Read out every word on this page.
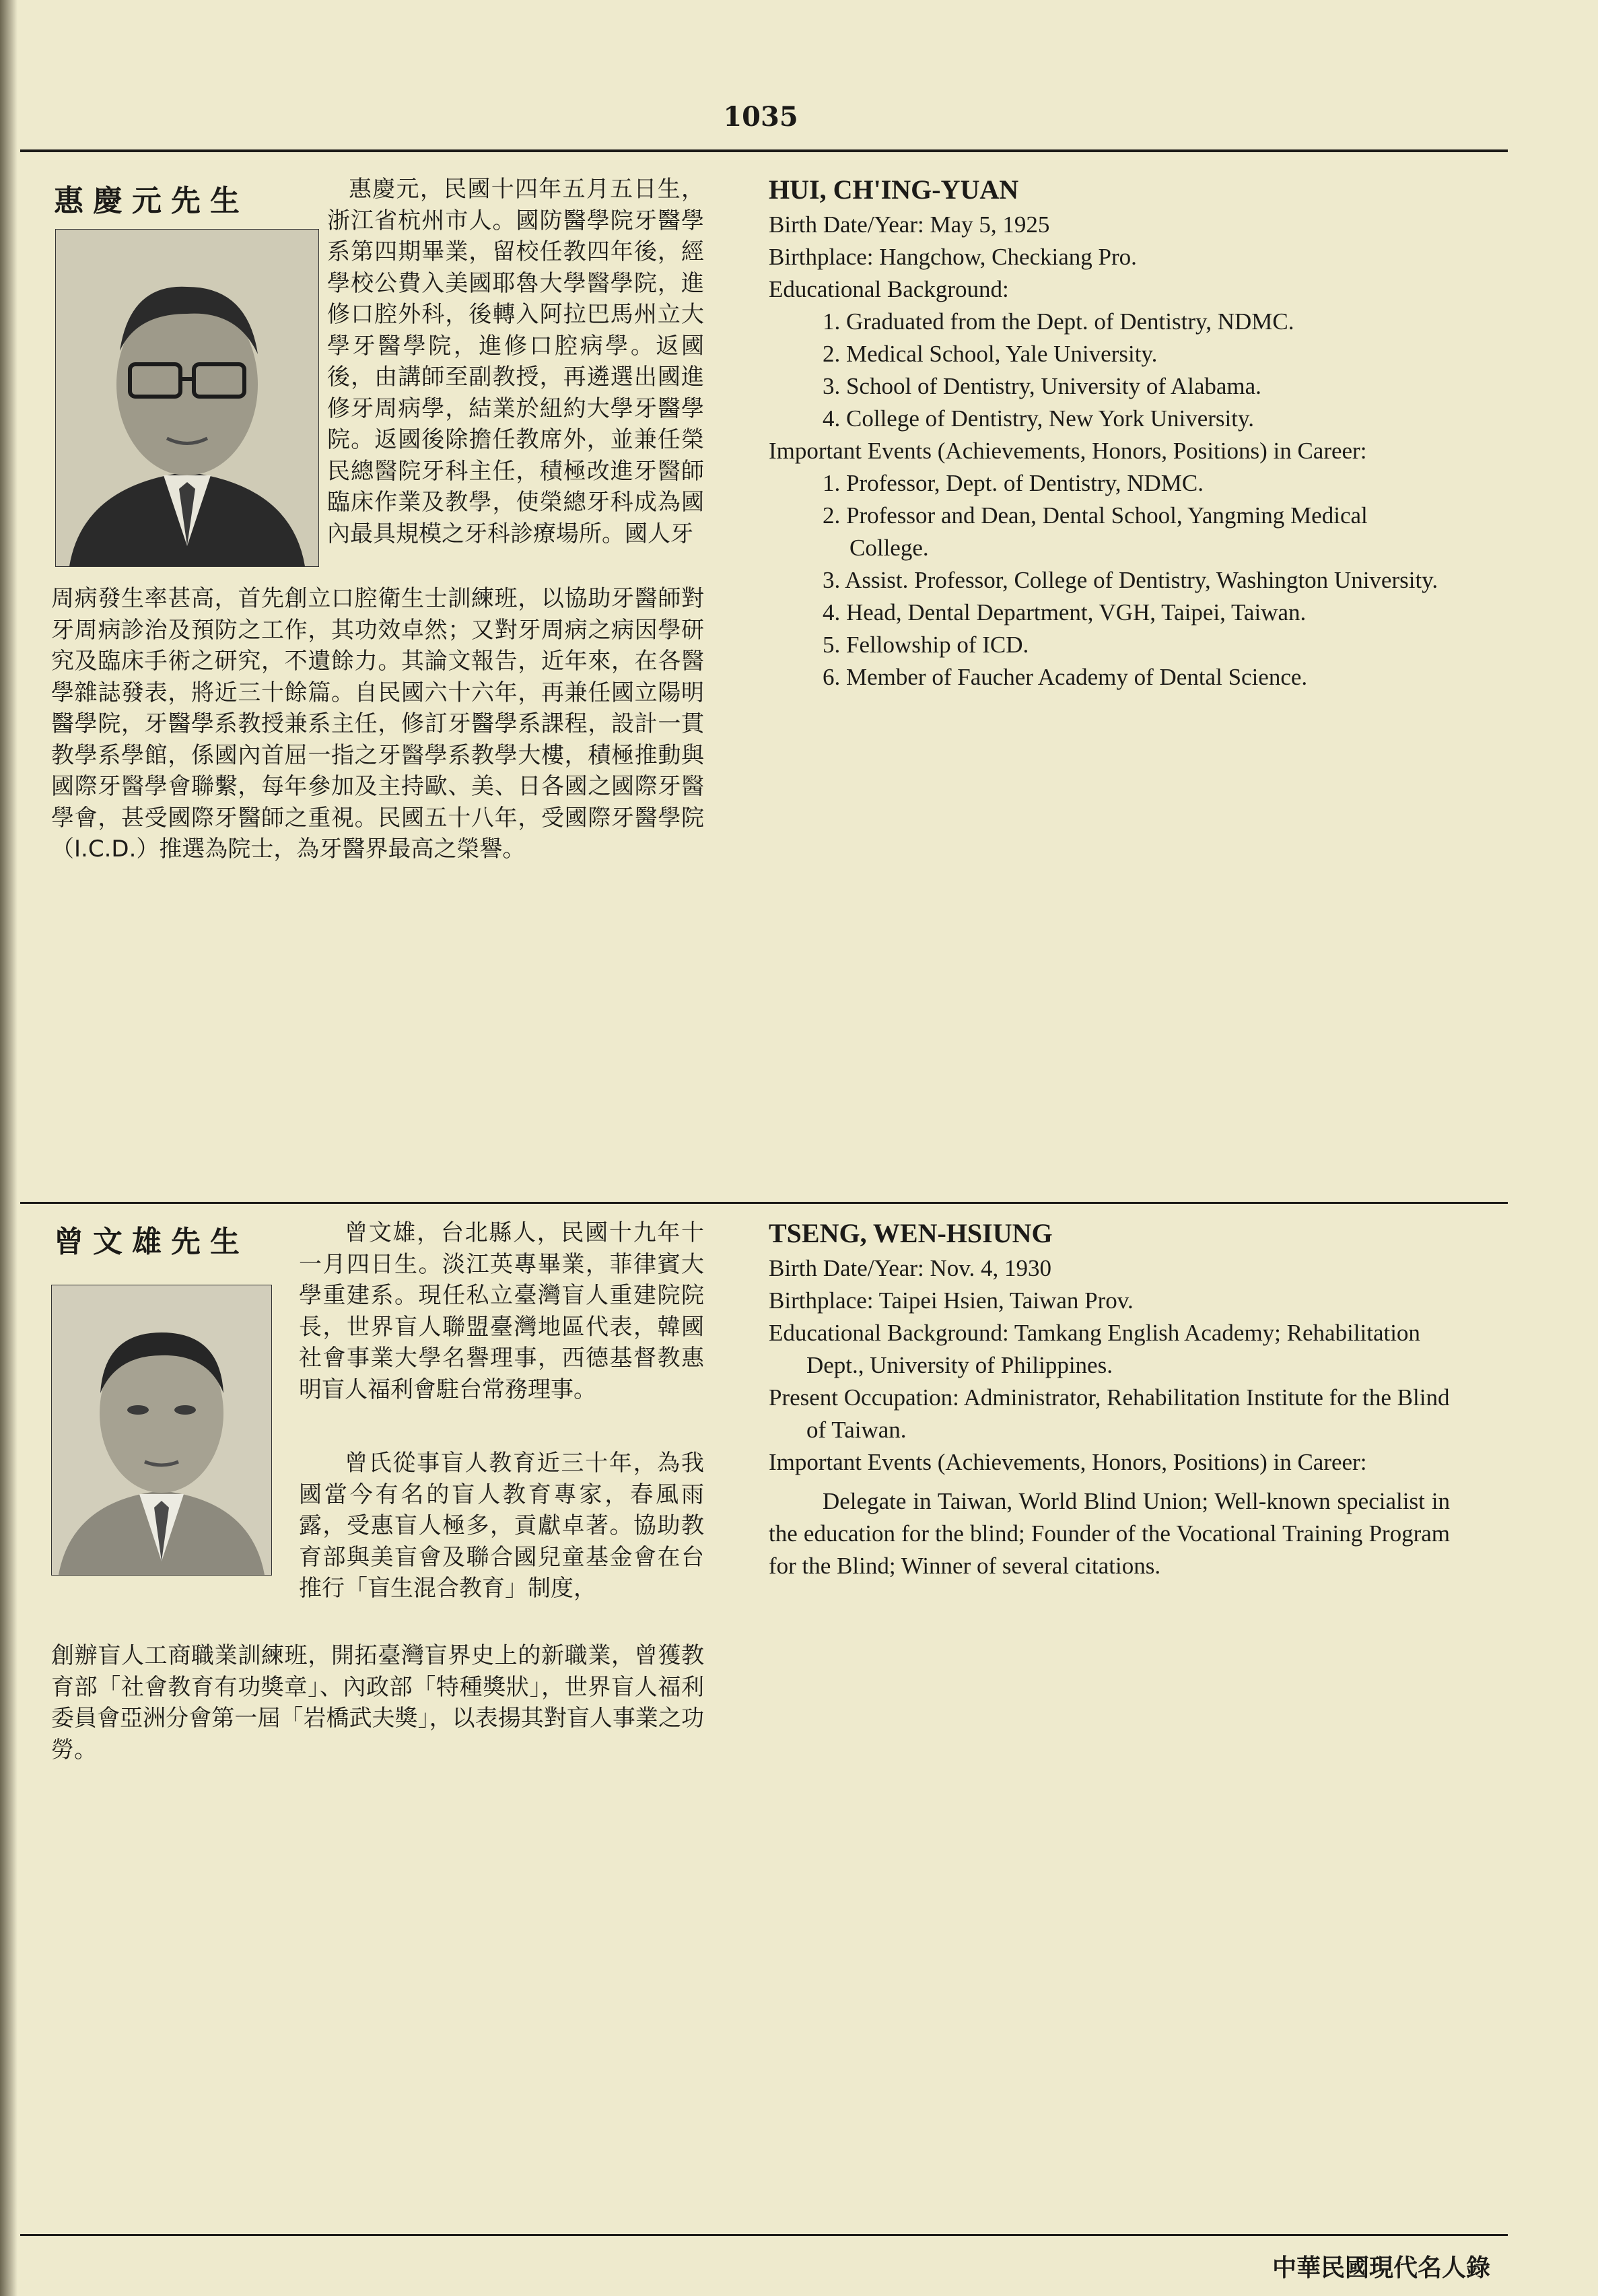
1035
惠慶元先生	惠慶元，民國十四年五月五日生，浙江省杭州市人。國防醫學院牙醫學系第四期畢業，留校任教四年後，經學校公費入美國耶魯大學醫學院，進修口腔外科，後轉入阿拉巴馬州立大學牙醫學院，進修口腔病學。返國後，由講師至副教授，再遴選出國進修牙周病學，結業於紐約大學牙醫學院。返國後除擔任教席外，並兼任榮民總醫院牙科主任，積極改進牙醫師臨床作業及教學，使榮總牙科成為國內最具規模之牙科診療場所。國人牙

周病發生率甚高，首先創立口腔衛生士訓練班，以協助牙醫師對牙周病診治及預防之工作，其功效卓然；又對牙周病之病因學研究及臨床手術之研究，不遺餘力。其論文報告，近年來，在各醫學雜誌發表，將近三十餘篇。自民國六十六年，再兼任國立陽明醫學院，牙醫學系教授兼系主任，修訂牙醫學系課程，設計一貫教學系學館，係國內首屈一指之牙醫學系教學大樓，積極推動與國際牙醫學會聯繫，每年參加及主持歐、美、日各國之國際牙醫學會，甚受國際牙醫師之重視。民國五十八年，受國際牙醫學院（I.C.D.）推選為院士，為牙醫界最高之榮譽。

HUI, CH'ING-YUAN

Birth Date/Year: May 5, 1925

Birthplace: Hangchow, Checkiang Pro.

Educational Background:

1. Graduated from the Dept. of Dentistry, NDMC.
2. Medical School, Yale University.
3. School of Dentistry, University of Alabama.
4. College of Dentistry, New York University.

Important Events (Achievements, Honors, Positions) in Career:

1. Professor, Dept. of Dentistry, NDMC.
2. Professor and Dean, Dental School, Yangming Medical College.
3. Assist. Professor, College of Dentistry, Washington University.
4. Head, Dental Department, VGH, Taipei, Taiwan.
5. Fellowship of ICD.
6. Member of Faucher Academy of Dental Science.
曾文雄先生	曾文雄，台北縣人，民國十九年十一月四日生。淡江英專畢業，菲律賓大學重建系。現任私立臺灣盲人重建院院長，世界盲人聯盟臺灣地區代表，韓國社會事業大學名譽理事，西德基督教惠明盲人福利會駐台常務理事。

曾氏從事盲人教育近三十年，為我國當今有名的盲人教育專家，春風雨露，受惠盲人極多，貢獻卓著。協助教育部與美盲會及聯合國兒童基金會在台推行「盲生混合教育」制度，

創辦盲人工商職業訓練班，開拓臺灣盲界史上的新職業，曾獲教育部「社會教育有功獎章」、內政部「特種獎狀」，世界盲人福利委員會亞洲分會第一屆「岩橋武夫獎」，以表揚其對盲人事業之功勞。

TSENG, WEN-HSIUNG

Birth Date/Year: Nov. 4, 1930

Birthplace: Taipei Hsien, Taiwan Prov.

Educational Background: Tamkang English Academy; Rehabilitation Dept., University of Philippines.

Present Occupation: Administrator, Rehabilitation Institute for the Blind of Taiwan.

Important Events (Achievements, Honors, Positions) in Career:

Delegate in Taiwan, World Blind Union; Well-known specialist in the education for the blind; Founder of the Vocational Training Program for the Blind; Winner of several citations.

中華民國現代名人錄
